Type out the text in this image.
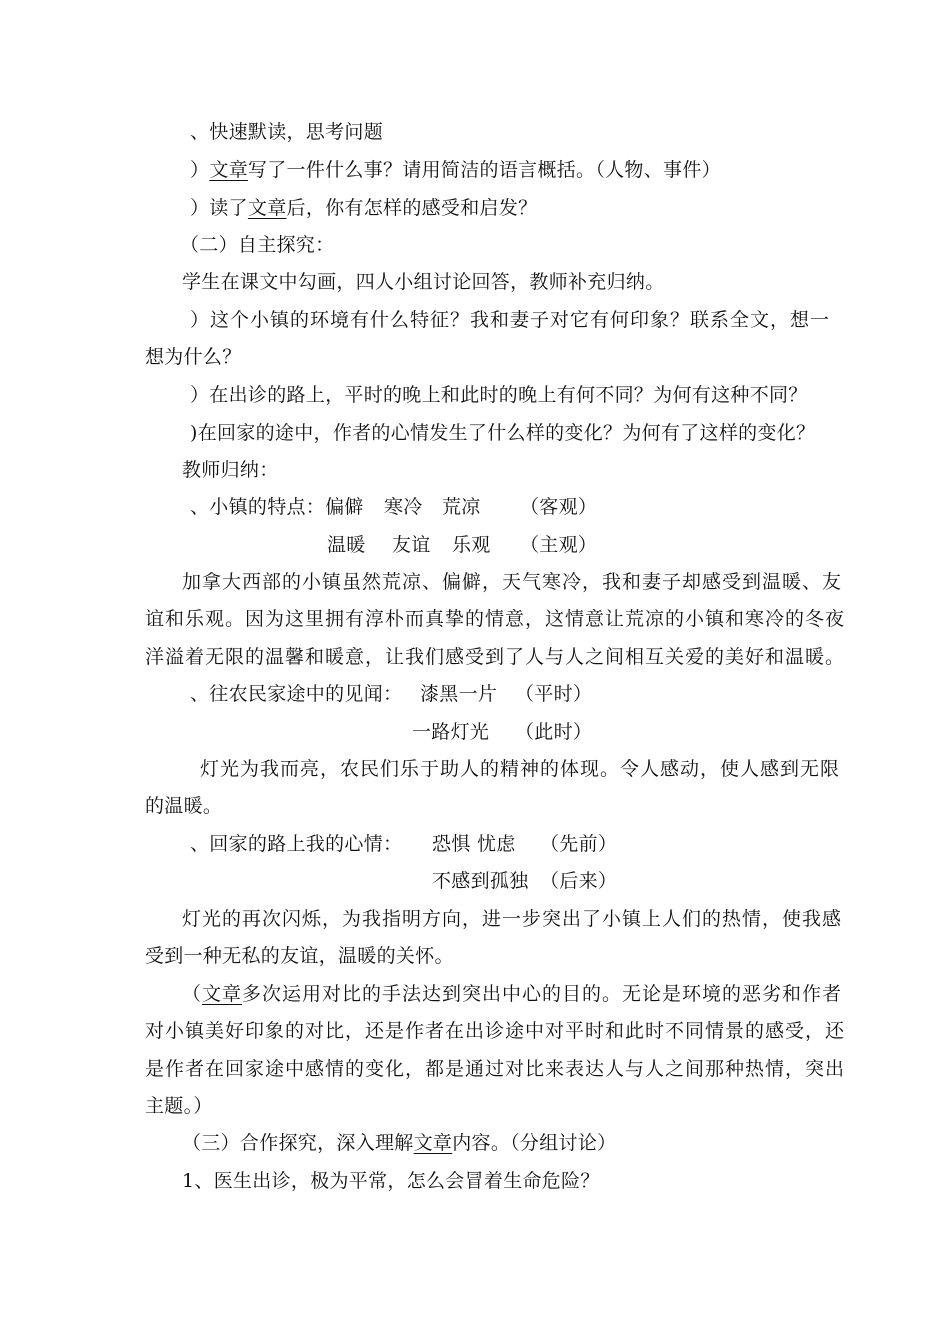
、快速默读，思考问题
）文章写了一件什么事？请用简洁的语言概括。（人物、事件）
）读了文章后，你有怎样的感受和启发？
（二）自主探究：
学生在课文中勾画，四人小组讨论回答，教师补充归纳。
）这个小镇的环境有什么特征？我和妻子对它有何印象？联系全文，想一
想为什么？
）在出诊的路上，平时的晚上和此时的晚上有何不同？为何有这种不同？
)在回家的途中，作者的心情发生了什么样的变化？为何有了这样的变化？
教师归纳：
、小镇的特点：偏僻 寒冷 荒凉 （客观）
温暖 友谊 乐观 （主观）
加拿大西部的小镇虽然荒凉、偏僻，天气寒冷，我和妻子却感受到温暖、友
谊和乐观。因为这里拥有淳朴而真挚的情意，这情意让荒凉的小镇和寒冷的冬夜
洋溢着无限的温馨和暖意，让我们感受到了人与人之间相互关爱的美好和温暖。
、往农民家途中的见闻： 漆黑一片 （平时）
一路灯光 （此时）
灯光为我而亮，农民们乐于助人的精神的体现。令人感动，使人感到无限
的温暖。
、回家的路上我的心情： 恐惧 忧虑 （先前）
不感到孤独 （后来）
灯光的再次闪烁，为我指明方向，进一步突出了小镇上人们的热情，使我感
受到一种无私的友谊，温暖的关怀。
（文章多次运用对比的手法达到突出中心的目的。无论是环境的恶劣和作者
对小镇美好印象的对比，还是作者在出诊途中对平时和此时不同情景的感受，还
是作者在回家途中感情的变化，都是通过对比来表达人与人之间那种热情，突出
主题。）
（三）合作探究，深入理解文章内容。（分组讨论）
1、医生出诊，极为平常，怎么会冒着生命危险？
